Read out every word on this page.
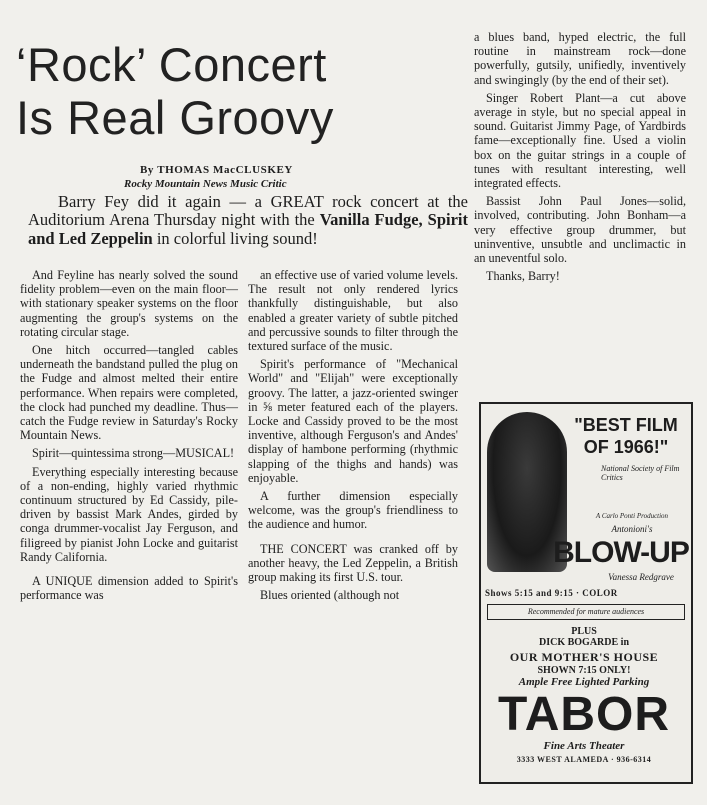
‘Rock’ Concert
Is Real Groovy
By THOMAS MacCLUSKEY
Rocky Mountain News Music Critic
Barry Fey did it again — a GREAT rock concert at the Auditorium Arena Thursday night with the Vanilla Fudge, Spirit and Led Zeppelin in colorful living sound!

And Feyline has nearly solved the sound fidelity problem—even on the main floor—with stationary speaker systems on the floor augmenting the group's systems on the rotating circular stage.

One hitch occurred—tangled cables underneath the bandstand pulled the plug on the Fudge and almost melted their entire performance. When repairs were completed, the clock had punched my deadline. Thus—catch the Fudge review in Saturday's Rocky Mountain News.

Spirit—quintessima strong—MUSICAL!

Everything especially interesting because of a non-ending, highly varied rhythmic continuum structured by Ed Cassidy, pile-driven by bassist Mark Andes, girded by conga drummer-vocalist Jay Ferguson, and filigreed by pianist John Locke and guitarist Randy California.

A UNIQUE dimension added to Spirit's performance was

an effective use of varied volume levels. The result not only rendered lyrics thankfully distinguishable, but also enabled a greater variety of subtle pitched and percussive sounds to filter through the textured surface of the music.

Spirit's performance of "Mechanical World" and "Elijah" were exceptionally groovy. The latter, a jazz-oriented swinger in ⅝ meter featured each of the players. Locke and Cassidy proved to be the most inventive, although Ferguson's and Andes' display of hambone performing (rhythmic slapping of the thighs and hands) was enjoyable.

A further dimension especially welcome, was the group's friendliness to the audience and humor.

THE CONCERT was cranked off by another heavy, the Led Zeppelin, a British group making its first U.S. tour.

Blues oriented (although not

a blues band, hyped electric, the full routine in mainstream rock—done powerfully, gutsily, unifiedly, inventively and swingingly (by the end of their set).

Singer Robert Plant—a cut above average in style, but no special appeal in sound. Guitarist Jimmy Page, of Yardbirds fame—exceptionally fine. Used a violin box on the guitar strings in a couple of tunes with resultant interesting, well integrated effects.

Bassist John Paul Jones—solid, involved, contributing. John Bonham—a very effective group drummer, but uninventive, unsubtle and unclimactic in an uneventful solo.

Thanks, Barry!

"BEST FILM OF 1966!"
National Society of Film Critics
A Carlo Ponti Production
Antonioni's
BLOW-UP
Vanessa Redgrave
Shows 5:15 and 9:15 · COLOR
Recommended for mature audiences
PLUS
DICK BOGARDE in
OUR MOTHER'S HOUSE
SHOWN 7:15 ONLY!
Ample Free Lighted Parking
TABOR
Fine Arts Theater
3333 WEST ALAMEDA · 936-6314
